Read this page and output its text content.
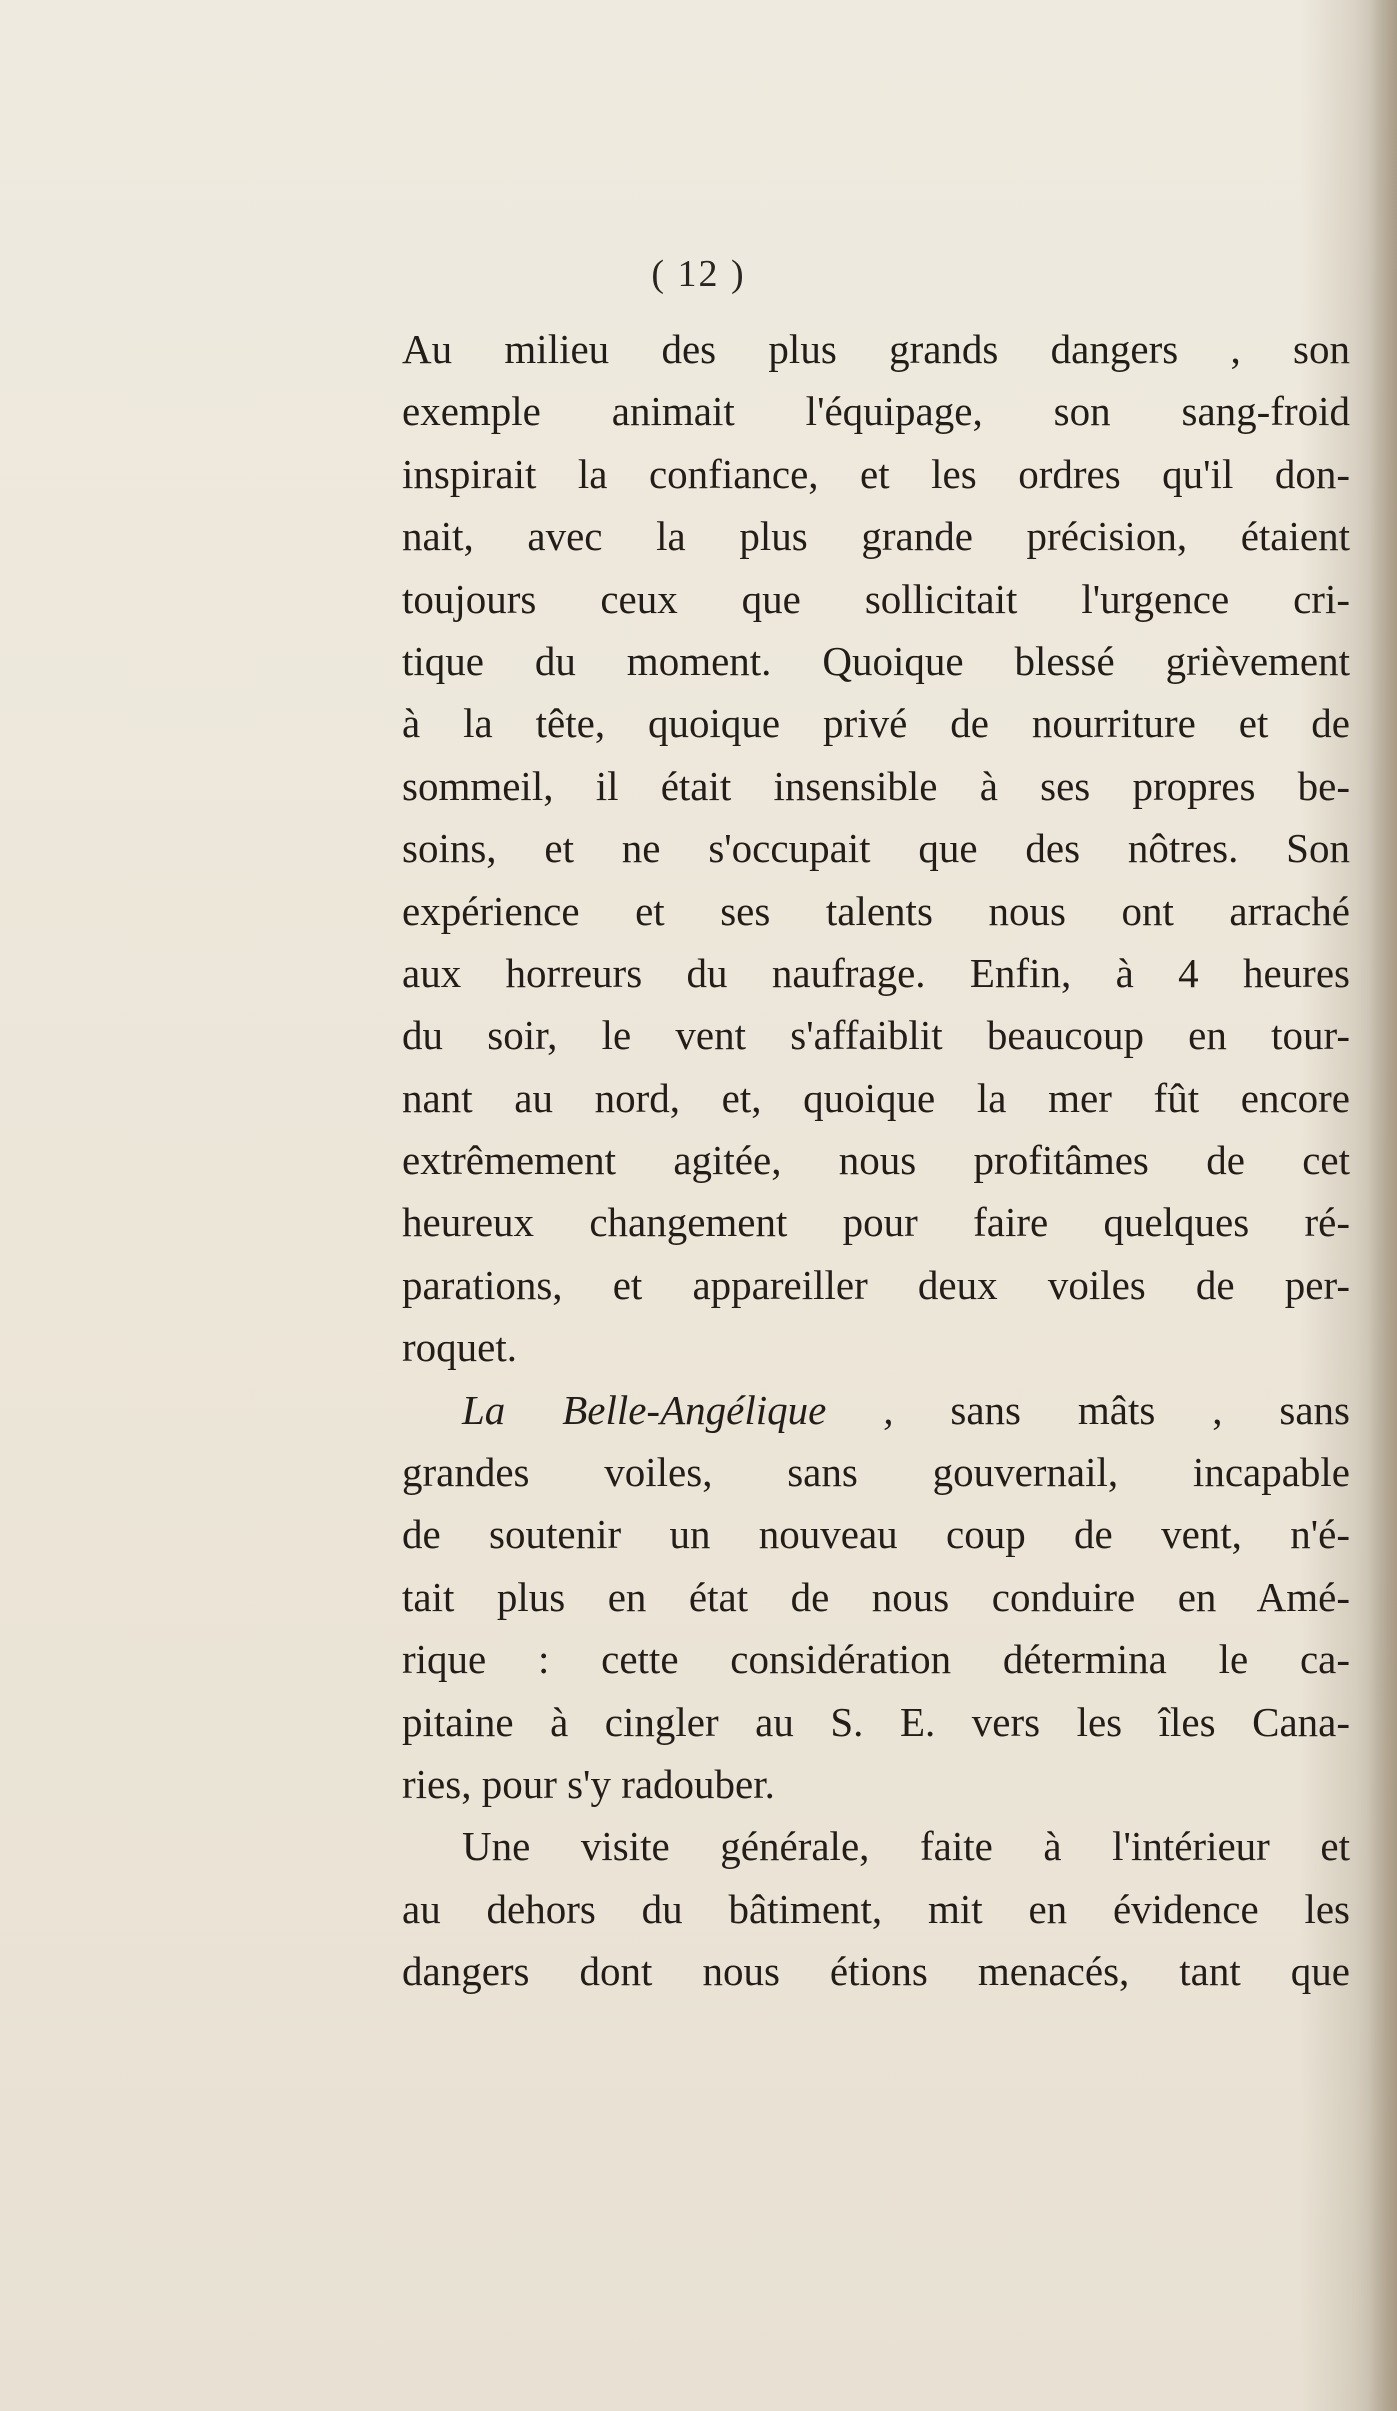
( 12 )
Au milieu des plus grands dangers , son
exemple animait l'équipage, son sang-froid
inspirait la confiance, et les ordres qu'il don-
nait, avec la plus grande précision, étaient
toujours ceux que sollicitait l'urgence cri-
tique du moment. Quoique blessé grièvement
à la tête, quoique privé de nourriture et de
sommeil, il était insensible à ses propres be-
soins, et ne s'occupait que des nôtres. Son
expérience et ses talents nous ont arraché
aux horreurs du naufrage. Enfin, à 4 heures
du soir, le vent s'affaiblit beaucoup en tour-
nant au nord, et, quoique la mer fût encore
extrêmement agitée, nous profitâmes de cet
heureux changement pour faire quelques ré-
parations, et appareiller deux voiles de per-
roquet.
La Belle-Angélique , sans mâts , sans
grandes voiles, sans gouvernail, incapable
de soutenir un nouveau coup de vent, n'é-
tait plus en état de nous conduire en Amé-
rique : cette considération détermina le ca-
pitaine à cingler au S. E. vers les îles Cana-
ries, pour s'y radouber.
Une visite générale, faite à l'intérieur et
au dehors du bâtiment, mit en évidence les
dangers dont nous étions menacés, tant que
